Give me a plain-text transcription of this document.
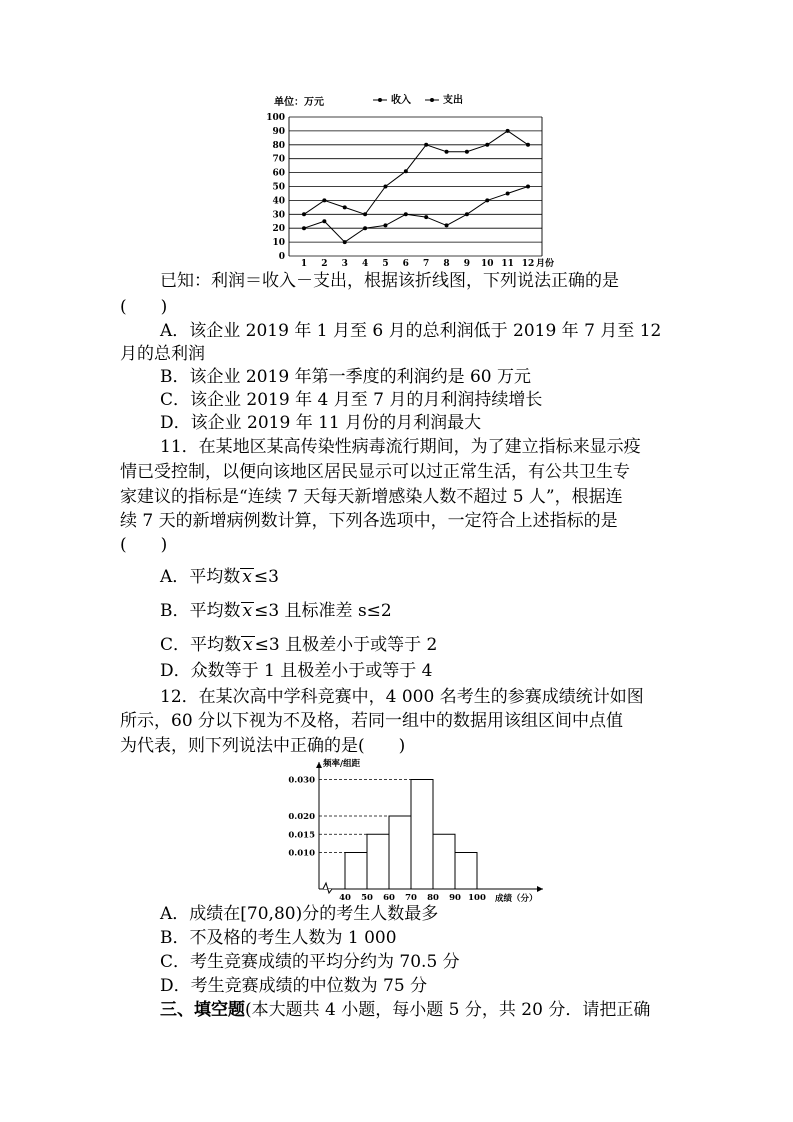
单位：万元	收入	支出
0
10
20
30
40
50
60
70
80
90
100
1 2 3 4 5 6 7 8 9 10 11 12 月份
已知：利润＝收入－支出，根据该折线图，下列说法正确的是
(　　)
A．该企业 2019 年 1 月至 6 月的总利润低于 2019 年 7 月至 12
月的总利润
B．该企业 2019 年第一季度的利润约是 60 万元
C．该企业 2019 年 4 月至 7 月的月利润持续增长
D．该企业 2019 年 11 月份的月利润最大
11．在某地区某高传染性病毒流行期间，为了建立指标来显示疫
情已受控制，以便向该地区居民显示可以过正常生活，有公共卫生专
家建议的指标是“连续 7 天每天新增感染人数不超过 5 人”，根据连
续 7 天的新增病例数计算，下列各选项中，一定符合上述指标的是
(　　)
A．平均数 x ≤3
B．平均数 x ≤3 且标准差 s≤2
C．平均数 x ≤3 且极差小于或等于 2
D．众数等于 1 且极差小于或等于 4
12．在某次高中学科竞赛中，4 000 名考生的参赛成绩统计如图
所示，60 分以下视为不及格，若同一组中的数据用该组区间中点值
为代表，则下列说法中正确的是(　　)
0.030
0.020
0.015
0.010
40 50 60 70 80 90 100 成绩（分）
频率/组距
A．成绩在[70,80)分的考生人数最多
B．不及格的考生人数为 1 000
C．考生竞赛成绩的平均分约为 70.5 分
D．考生竞赛成绩的中位数为 75 分
三、填空题(本大题共 4 小题，每小题 5 分，共 20 分．请把正确
